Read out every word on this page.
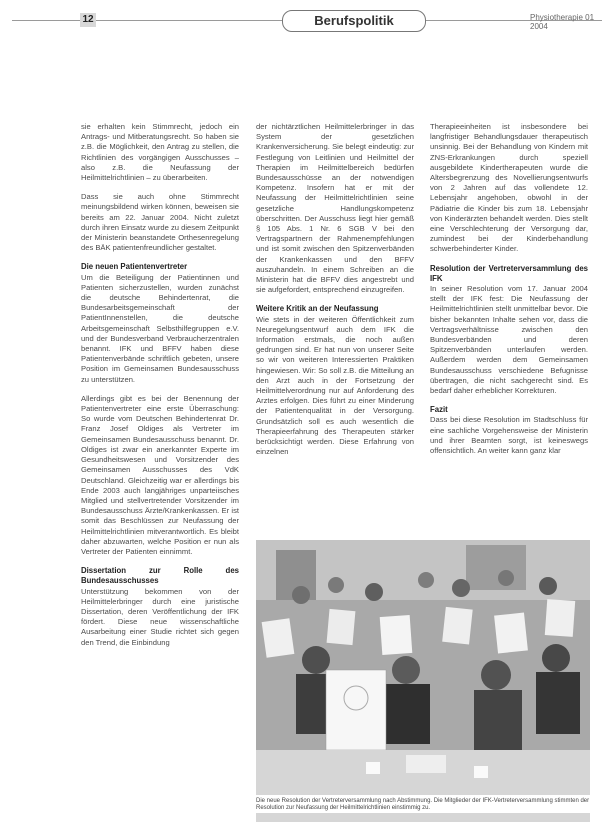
12	Berufspolitik	Physiotherapie 01 2004

sie erhalten kein Stimmrecht, jedoch ein Antrags- und Mitberatungsrecht. So haben sie z.B. die Möglichkeit, den Antrag zu stellen, die Richtlinien des vorgängigen Ausschusses – also z.B. die Neufassung der Heilmittelrichtlinien – zu überarbeiten.

Dass sie auch ohne Stimmrecht meinungsbildend wirken können, beweisen sie bereits am 22. Januar 2004. Nicht zuletzt durch ihren Einsatz wurde zu diesem Zeitpunkt der Ministerin beanstandete Orthesenregelung des BÄK patientenfreundlicher gestaltet.

Die neuen Patientenvertreter

Um die Beteiligung der Patientinnen und Patienten sicherzustellen, wurden zunächst die deutsche Behindertenrat, die Bundesarbeitsgemeinschaft der PatientInnenstellen, die deutsche Arbeitsgemeinschaft Selbsthilfegruppen e.V. und der Bundesverband Verbraucherzentralen benannt. IFK und BFFV haben diese Patientenverbände schriftlich gebeten, unsere Position im Gemeinsamen Bundesausschuss zu unterstützen.

Allerdings gibt es bei der Benennung der Patientenvertreter eine erste Überraschung: So wurde vom Deutschen Behindertenrat Dr. Franz Josef Oldiges als Vertreter im Gemeinsamen Bundesausschuss benannt. Dr. Oldiges ist zwar ein anerkannter Experte im Gesundheitswesen und Vorsitzender des Gemeinsamen Ausschusses des VdK Deutschland. Gleichzeitig war er allerdings bis Ende 2003 auch langjähriges unparteiisches Mitglied und stellvertretender Vorsitzender im Bundesausschuss Ärzte/Krankenkassen. Er ist somit das Beschlüssen zur Neufassung der Heilmittelrichtlinien mitverantwortlich. Es bleibt daher abzuwarten, welche Position er nun als Vertreter der Patienten einnimmt.

Dissertation zur Rolle des Bundesausschusses

Unterstützung bekommen von der Heilmittelerbringer durch eine juristische Dissertation, deren Veröffentlichung der IFK fördert. Diese neue wissenschaftliche Ausarbeitung einer Studie richtet sich gegen den Trend, die Einbindung

der nichtärztlichen Heilmittelerbringer in das System der gesetzlichen Krankenversicherung. Sie belegt eindeutig: zur Festlegung von Leitlinien und Heilmittel der Therapien im Heilmittelbereich bedürfen Bundesausschüsse an der notwendigen Kompetenz. Insofern hat er mit der Neufassung der Heilmittelrichtlinien seine gesetzliche Handlungskompetenz überschritten. Der Ausschuss liegt hier gemäß § 105 Abs. 1 Nr. 6 SGB V bei den Vertragspartnern der Rahmenempfehlungen und ist somit zwischen den Spitzenverbänden der Krankenkassen und den BFFV auszuhandeln. In einem Schreiben an die Ministerin hat die BFFV dies angestrebt und sie aufgefordert, entsprechend einzugreifen.

Weitere Kritik an der Neufassung

Wie stets in der weiteren Öffentlichkeit zum Neuregelungsentwurf auch dem IFK die Information erstmals, die noch außen gedrungen sind. Er hat nun von unserer Seite so wir von weiteren Interessierten Praktiken hingewiesen. Wir: So soll z.B. die Mitteilung an den Arzt auch in der Fortsetzung der Heilmittelverordnung nur auf Anforderung des Arztes erfolgen. Dies führt zu einer Minderung der Patientenqualität in der Versorgung. Grundsätzlich soll es auch wesentlich die Therapieerfahrung des Therapeuten stärker berücksichtigt werden. Diese Erfahrung von einzelnen

Therapieeinheiten ist insbesondere bei langfristiger Behandlungsdauer therapeutisch unsinnig. Bei der Behandlung von Kindern mit ZNS-Erkrankungen durch speziell ausgebildete Kindertherapeuten wurde die Altersbegrenzung des Novellierungsentwurfs von 2 Jahren auf das vollendete 12. Lebensjahr angehoben, obwohl in der Pädiatrie die Kinder bis zum 18. Lebensjahr von Kinderärzten behandelt werden. Dies stellt eine Verschlechterung der Versorgung dar, zumindest bei der Kinderbehandlung schwerbehinderter Kinder.

Resolution der Vertreterversammlung des IFK

In seiner Resolution vom 17. Januar 2004 stellt der IFK fest: Die Neufassung der Heilmittelrichtlinien stellt unmittelbar bevor. Die bisher bekannten Inhalte sehen vor, dass die Vertragsverhältnisse zwischen den Bundesverbänden und deren Spitzenverbänden unterlaufen werden. Außerdem werden dem Gemeinsamen Bundesausschuss verschiedene Befugnisse übertragen, die nicht sachgerecht sind. Es bedarf daher erheblicher Korrekturen.

Fazit

Dass bei diese Resolution im Stadtschluss für eine sachliche Vorgehensweise der Ministerin und ihrer Beamten sorgt, ist keineswegs offensichtlich. An weiter kann ganz klar

Die neue Resolution der Vertreterversammlung nach Abstimmung. Die Mitglieder der IFK-Vertreterversammlung stimmten der Resolution zur Neufassung der Heilmittelrichtlinien einstimmig zu.
